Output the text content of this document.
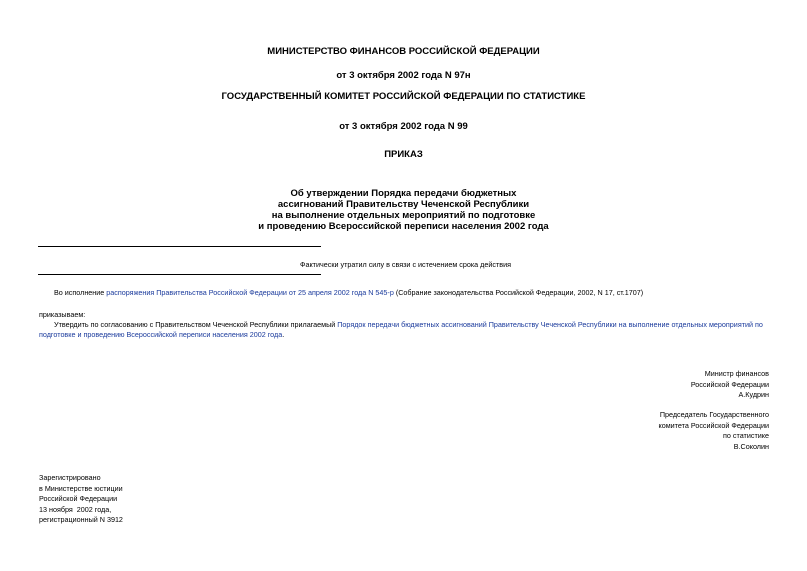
МИНИСТЕРСТВО ФИНАНСОВ РОССИЙСКОЙ ФЕДЕРАЦИИ
от 3 октября 2002 года N 97н
ГОСУДАРСТВЕННЫЙ КОМИТЕТ РОССИЙСКОЙ ФЕДЕРАЦИИ ПО СТАТИСТИКЕ
от 3 октября 2002 года N 99
ПРИКАЗ
Об утверждении Порядка передачи бюджетных
ассигнований Правительству Чеченской Республики
на выполнение отдельных мероприятий по подготовке
и проведению Всероссийской переписи населения 2002 года
Фактически утратил силу в связи с истечением срока действия
Во исполнение распоряжения Правительства Российской Федерации от 25 апреля 2002 года N 545-р (Собрание законодательства Российской Федерации, 2002, N 17, ст.1707)
приказываем:
Утвердить по согласованию с Правительством Чеченской Республики прилагаемый Порядок передачи бюджетных ассигнований Правительству Чеченской Республики на выполнение отдельных мероприятий по
подготовке и проведению Всероссийской переписи населения 2002 года.
Министр финансов
Российской Федерации
А.Кудрин
Председатель Государственного
комитета Российской Федерации
по статистике
В.Соколин
Зарегистрировано
в Министерстве юстиции
Российской Федерации
13 ноября  2002 года,
регистрационный N 3912
